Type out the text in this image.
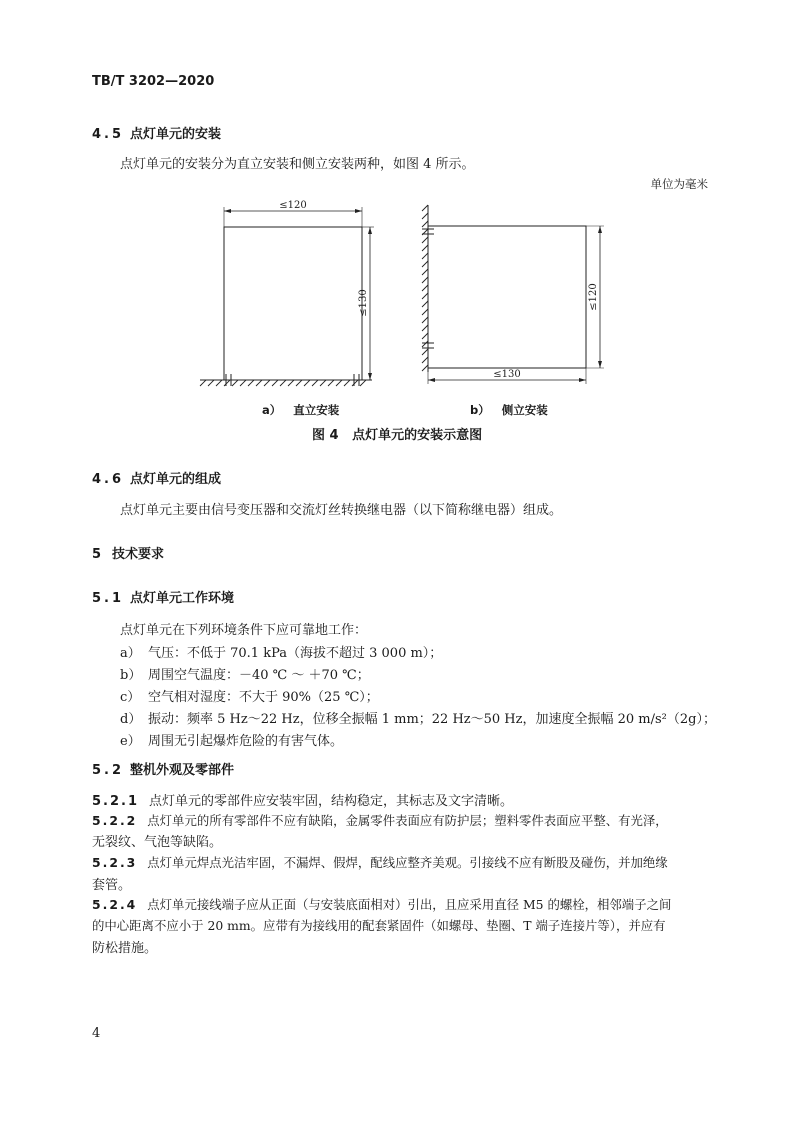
TB/T 3202—2020
4.5 点灯单元的安装
点灯单元的安装分为直立安装和侧立安装两种，如图 4 所示。
单位为毫米
≤120
≤130	≤120
≤130
a） 直立安装	b） 侧立安装
图 4 点灯单元的安装示意图
4.6 点灯单元的组成
点灯单元主要由信号变压器和交流灯丝转换继电器（以下简称继电器）组成。
5 技术要求
5.1 点灯单元工作环境
点灯单元在下列环境条件下应可靠地工作：
a） 气压：不低于 70.1 kPa（海拔不超过 3 000 m）；
b） 周围空气温度：－40 ℃ ～ ＋70 ℃；
c） 空气相对湿度：不大于 90%（25 ℃）；
d） 振动：频率 5 Hz～22 Hz，位移全振幅 1 mm；22 Hz～50 Hz，加速度全振幅 20 m/s²（2g）；
e） 周围无引起爆炸危险的有害气体。
5.2 整机外观及零部件
5.2.1 点灯单元的零部件应安装牢固，结构稳定，其标志及文字清晰。
5.2.2 点灯单元的所有零部件不应有缺陷，金属零件表面应有防护层；塑料零件表面应平整、有光泽，
无裂纹、气泡等缺陷。
5.2.3 点灯单元焊点光洁牢固，不漏焊、假焊，配线应整齐美观。引接线不应有断股及碰伤，并加绝缘
套管。
5.2.4 点灯单元接线端子应从正面（与安装底面相对）引出，且应采用直径 M5 的螺栓，相邻端子之间
的中心距离不应小于 20 mm。应带有为接线用的配套紧固件（如螺母、垫圈、T 端子连接片等），并应有
防松措施。
4
